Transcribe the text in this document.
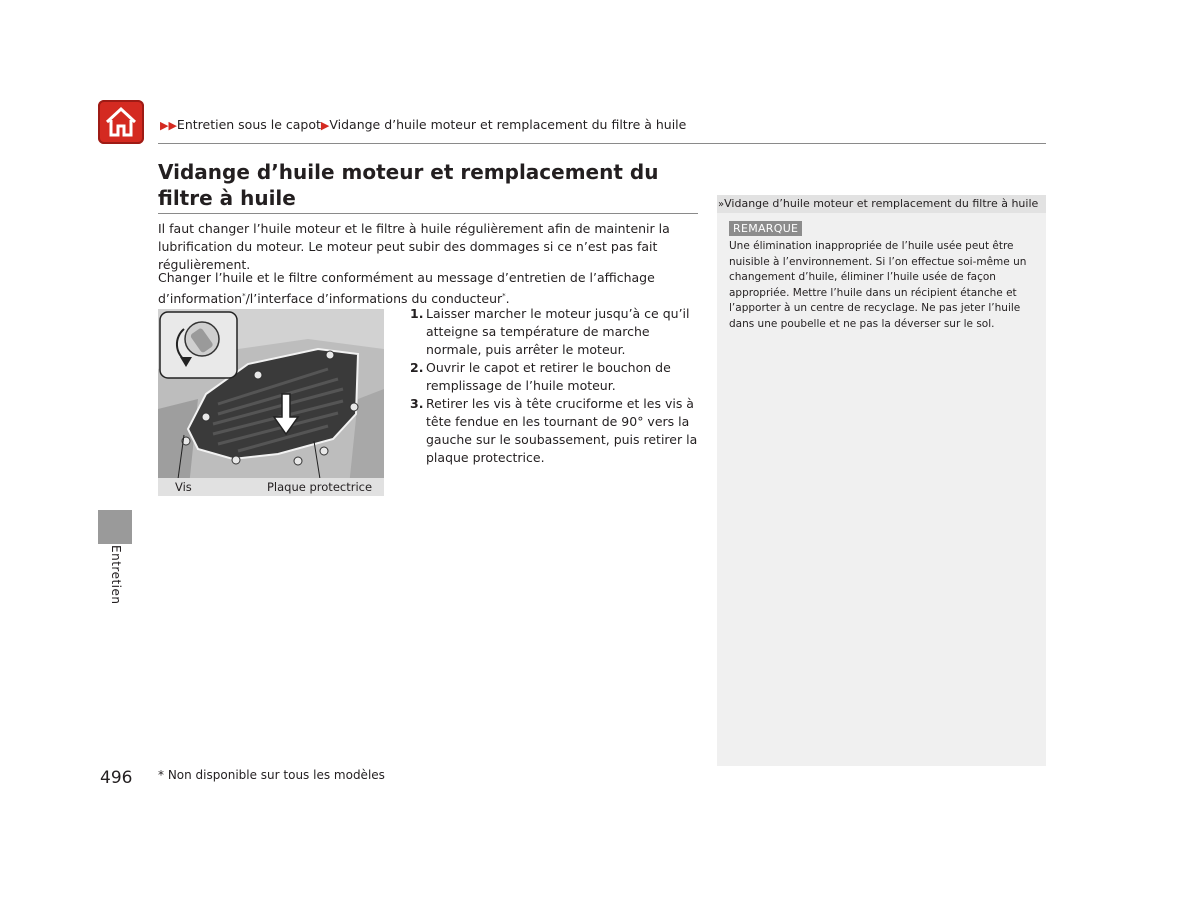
▶▶Entretien sous le capot▶Vidange d’huile moteur et remplacement du filtre à huile
Vidange d’huile moteur et remplacement du filtre à huile
Il faut changer l’huile moteur et le filtre à huile régulièrement afin de maintenir la lubrification du moteur. Le moteur peut subir des dommages si ce n’est pas fait régulièrement.
Changer l’huile et le filtre conformément au message d’entretien de l’affichage d’information*/l’interface d’informations du conducteur*.
Vis	Plaque protectrice

1. Laisser marcher le moteur jusqu’à ce qu’il atteigne sa température de marche normale, puis arrêter le moteur.

2. Ouvrir le capot et retirer le bouchon de remplissage de l’huile moteur.

3. Retirer les vis à tête cruciforme et les vis à tête fendue en les tournant de 90° vers la gauche sur le soubassement, puis retirer la plaque protectrice.

Entretien
»Vidange d’huile moteur et remplacement du filtre à huile
REMARQUE
Une élimination inappropriée de l’huile usée peut être nuisible à l’environnement. Si l’on effectue soi-même un changement d’huile, éliminer l’huile usée de façon appropriée. Mettre l’huile dans un récipient étanche et l’apporter à un centre de recyclage. Ne pas jeter l’huile dans une poubelle et ne pas la déverser sur le sol.
496 * Non disponible sur tous les modèles
